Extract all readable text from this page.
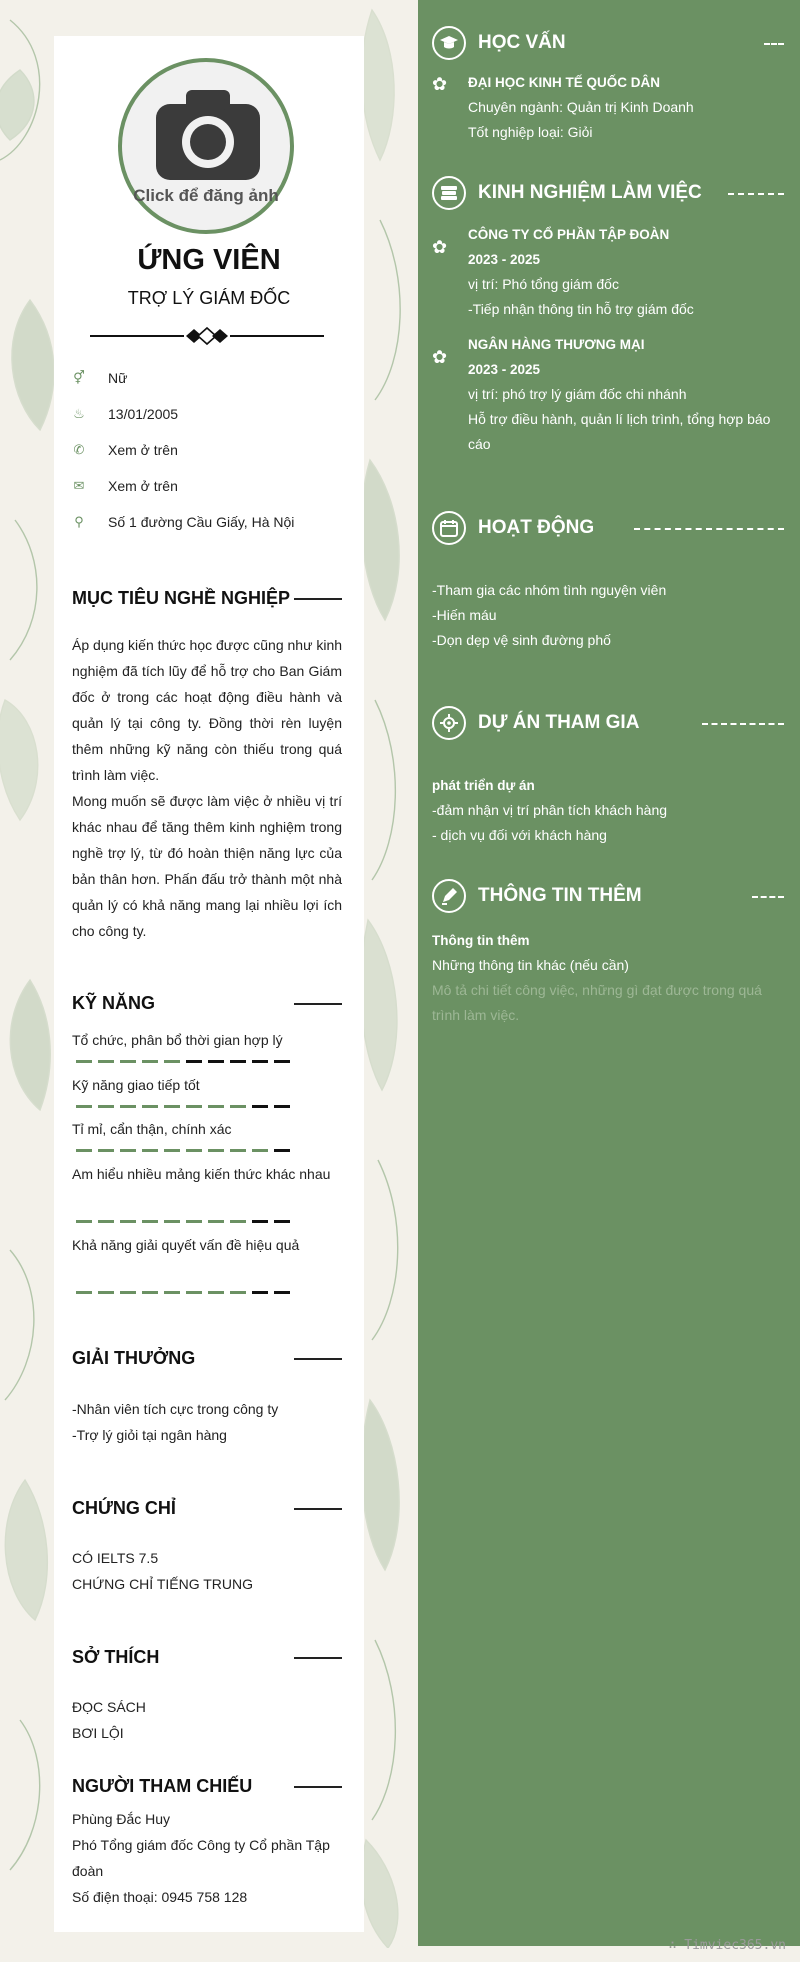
Click để đăng ảnh
ỨNG VIÊN
TRỢ LÝ GIÁM ĐỐC
⚥ Nữ
♨ 13/01/2005
✆ Xem ở trên
✉ Xem ở trên
⚲ Số 1 đường Cầu Giấy, Hà Nội
MỤC TIÊU NGHỀ NGHIỆP
Áp dụng kiến thức học được cũng như kinh nghiệm đã tích lũy để hỗ trợ cho Ban Giám đốc ở trong các hoạt động điều hành và quản lý tại công ty. Đồng thời rèn luyện thêm những kỹ năng còn thiếu trong quá trình làm việc.
Mong muốn sẽ được làm việc ở nhiều vị trí khác nhau để tăng thêm kinh nghiệm trong nghề trợ lý, từ đó hoàn thiện năng lực của bản thân hơn. Phấn đấu trở thành một nhà quản lý có khả năng mang lại nhiều lợi ích cho công ty.
KỸ NĂNG
Tổ chức, phân bổ thời gian hợp lý
Kỹ năng giao tiếp tốt
Tỉ mỉ, cẩn thận, chính xác
Am hiểu nhiều mảng kiến thức khác nhau
Khả năng giải quyết vấn đề hiệu quả
GIẢI THƯỞNG
-Nhân viên tích cực trong công ty
-Trợ lý giỏi tại ngân hàng
CHỨNG CHỈ
CÓ IELTS 7.5
CHỨNG CHỈ TIẾNG TRUNG
SỞ THÍCH
ĐỌC SÁCH
BƠI LỘI
NGƯỜI THAM CHIẾU
Phùng Đắc Huy
Phó Tổng giám đốc Công ty Cổ phần Tập đoàn
Số điện thoại: 0945 758 128
HỌC VẤN
✿ ĐẠI HỌC KINH TẾ QUỐC DÂN
Chuyên ngành: Quản trị Kinh Doanh
Tốt nghiệp loại: Giỏi
KINH NGHIỆM LÀM VIỆC
✿
CÔNG TY CỔ PHẦN TẬP ĐOÀN
2023 - 2025
vị trí: Phó tổng giám đốc
-Tiếp nhận thông tin hỗ trợ giám đốc
✿
NGÂN HÀNG THƯƠNG MẠI
2023 - 2025
vị trí: phó trợ lý giám đốc chi nhánh
Hỗ trợ điều hành, quản lí lịch trình, tổng hợp báo cáo
HOẠT ĐỘNG
-Tham gia các nhóm tình nguyện viên
-Hiến máu
-Dọn dẹp vệ sinh đường phố
DỰ ÁN THAM GIA
phát triển dự án
-đảm nhận vị trí phân tích khách hàng
- dịch vụ đối với khách hàng
THÔNG TIN THÊM
Thông tin thêm
Những thông tin khác (nếu cần)
Mô tả chi tiết công việc, những gì đạt được trong quá trình làm việc.
∴ Timviec365.vn
